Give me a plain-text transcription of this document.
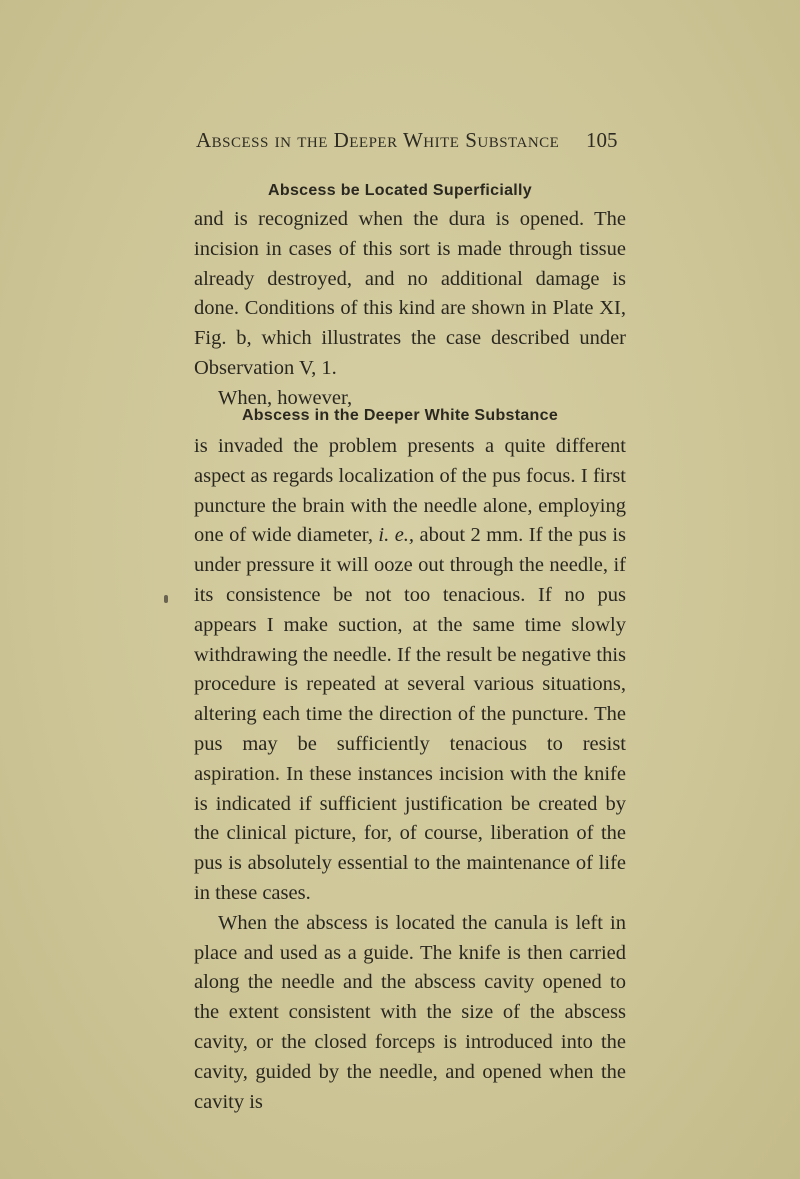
Abscess in the Deeper White Substance	105
Abscess be Located Superficially

and is recognized when the dura is opened. The incision in cases of this sort is made through tissue already destroyed, and no additional damage is done. Conditions of this kind are shown in Plate XI, Fig. b, which illustrates the case described under Observation V, 1.

When, however,

Abscess in the Deeper White Substance

is invaded the problem presents a quite different aspect as regards localization of the pus focus. I first puncture the brain with the needle alone, employing one of wide diameter, i. e., about 2 mm. If the pus is under pressure it will ooze out through the needle, if its consistence be not too tenacious. If no pus appears I make suction, at the same time slowly withdrawing the needle. If the result be negative this procedure is repeated at several various situations, altering each time the direction of the puncture. The pus may be sufficiently tenacious to resist aspiration. In these instances incision with the knife is indicated if sufficient justification be created by the clinical picture, for, of course, liberation of the pus is absolutely essential to the maintenance of life in these cases.

When the abscess is located the canula is left in place and used as a guide. The knife is then carried along the needle and the abscess cavity opened to the extent consistent with the size of the abscess cavity, or the closed forceps is introduced into the cavity, guided by the needle, and opened when the cavity is
